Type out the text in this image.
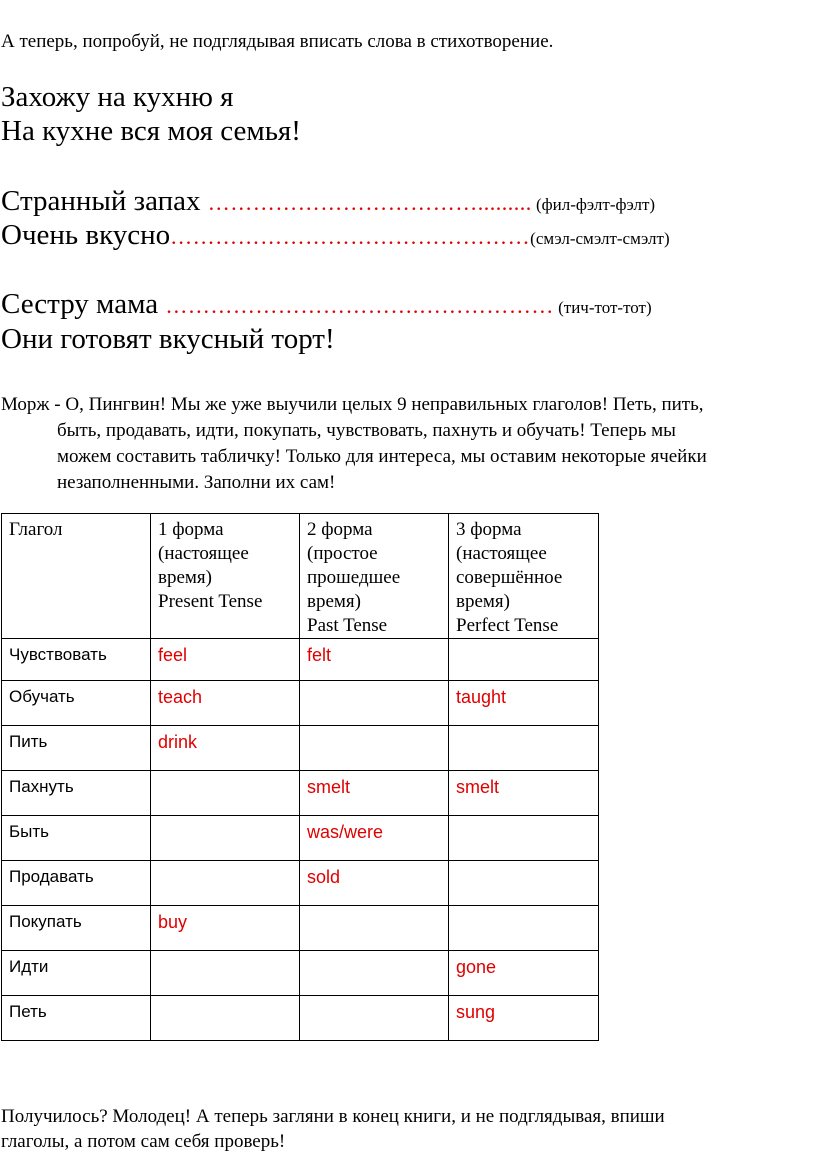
А теперь, попробуй, не подглядывая вписать слова в стихотворение.
Захожу на кухню я
На кухне вся моя семья!
Странный запах ………………………………......... (фил-фэлт-фэлт)
Очень вкусно…………………………………………(смэл-смэлт-смэлт)
Сестру мама …………………………….……………… (тич-тот-тот)
Они готовят вкусный торт!
Морж - О, Пингвин! Мы же уже выучили целых 9 неправильных глаголов! Петь, пить,
быть, продавать, идти, покупать, чувствовать, пахнуть и обучать! Теперь мы
можем составить табличку! Только для интереса, мы оставим некоторые ячейки
незаполненными. Заполни их сам!
Глагол	1 форма
(настоящее
время)
Present Tense	2 форма
(простое
прошедшее
время)
Past Tense	3 форма
(настоящее
совершённое
время)
Perfect Tense

Чувствовать	feel	felt	
Обучать	teach		taught
Пить	drink		
Пахнуть		smelt	smelt
Быть		was/were	
Продавать		sold	
Покупать	buy		
Идти			gone
Петь			sung
Получилось? Молодец! А теперь загляни в конец книги, и не подглядывая, впиши
глаголы, а потом сам себя проверь!
